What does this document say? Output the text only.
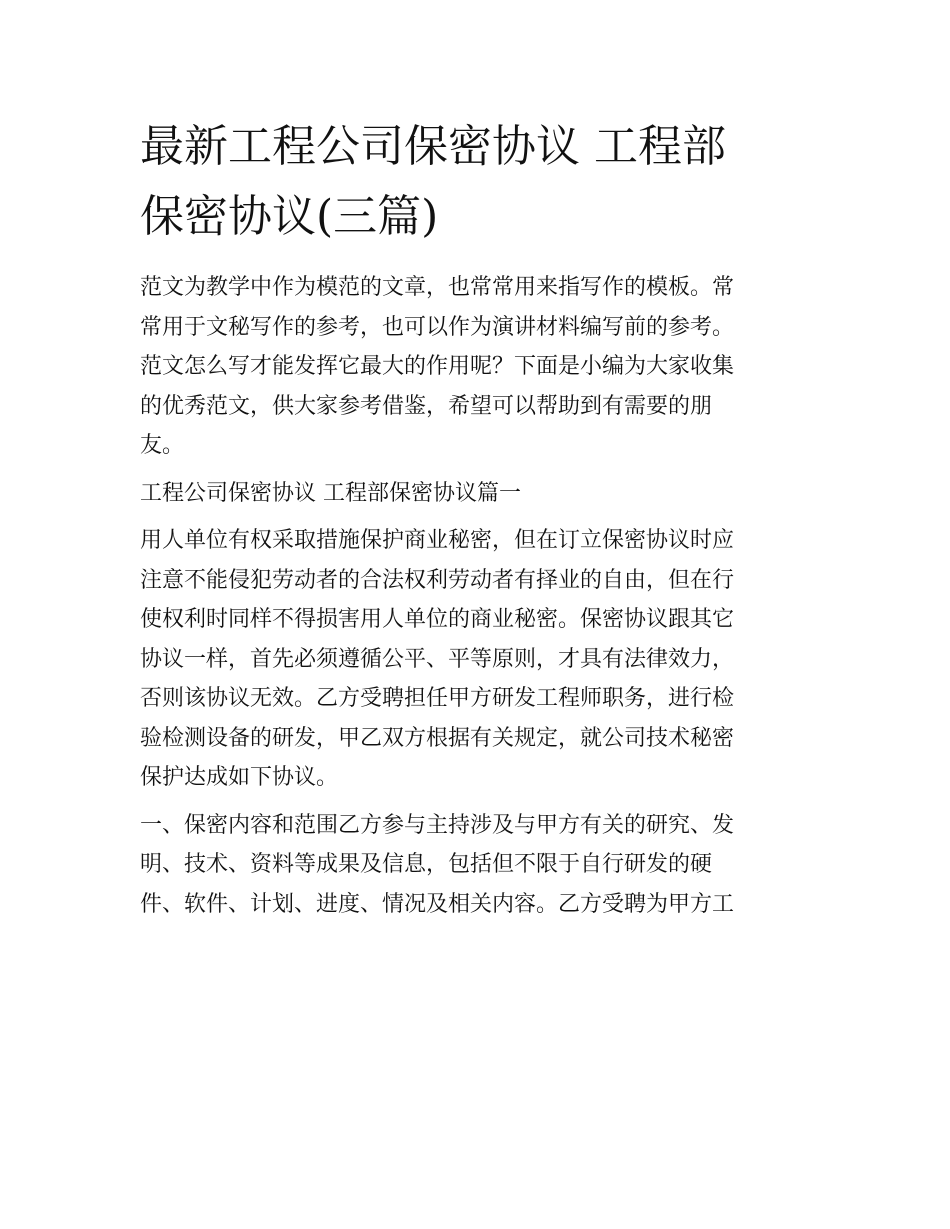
最新工程公司保密协议 工程部
保密协议(三篇)

范文为教学中作为模范的文章，也常常用来指写作的模板。常
常用于文秘写作的参考，也可以作为演讲材料编写前的参考。
范文怎么写才能发挥它最大的作用呢？下面是小编为大家收集
的优秀范文，供大家参考借鉴，希望可以帮助到有需要的朋
友。

工程公司保密协议 工程部保密协议篇一

用人单位有权采取措施保护商业秘密，但在订立保密协议时应
注意不能侵犯劳动者的合法权利劳动者有择业的自由，但在行
使权利时同样不得损害用人单位的商业秘密。保密协议跟其它
协议一样，首先必须遵循公平、平等原则，才具有法律效力，
否则该协议无效。乙方受聘担任甲方研发工程师职务，进行检
验检测设备的研发，甲乙双方根据有关规定，就公司技术秘密
保护达成如下协议。

一、保密内容和范围乙方参与主持涉及与甲方有关的研究、发
明、技术、资料等成果及信息，包括但不限于自行研发的硬
件、软件、计划、进度、情况及相关内容。乙方受聘为甲方工
